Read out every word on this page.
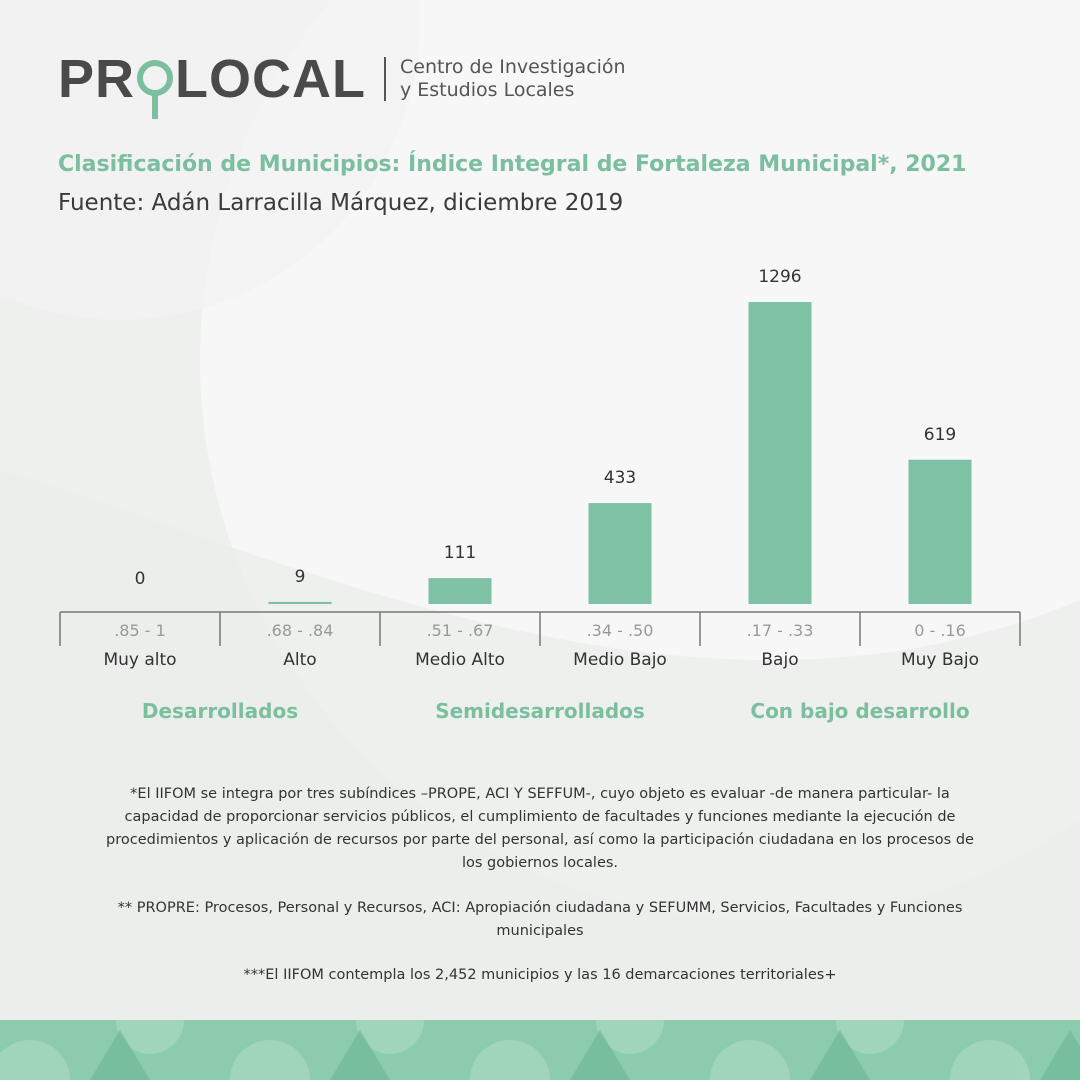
PR LOCAL Centro de Investigación
y Estudios Locales
Clasificación de Municipios: Índice Integral de Fortaleza Municipal*, 2021
Fuente: Adán Larracilla Márquez, diciembre 2019
0
.85 - 1
Muy alto
9
.68 - .84
Alto
111
.51 - .67
Medio Alto
433
.34 - .50
Medio Bajo
1296
.17 - .33
Bajo
619
0 - .16
Muy Bajo
Desarrollados	Semidesarrollados	Con bajo desarrollo
*El IIFOM se integra por tres subíndices –PROPE, ACI Y SEFFUM-, cuyo objeto es evaluar -de manera particular- la capacidad de proporcionar servicios públicos, el cumplimiento de facultades y funciones mediante la ejecución de procedimientos y aplicación de recursos por parte del personal, así como la participación ciudadana en los procesos de los gobiernos locales.
** PROPRE: Procesos, Personal y Recursos, ACI: Apropiación ciudadana y SEFUMM, Servicios, Facultades y Funciones municipales
***El IIFOM contempla los 2,452 municipios y las 16 demarcaciones territoriales+
